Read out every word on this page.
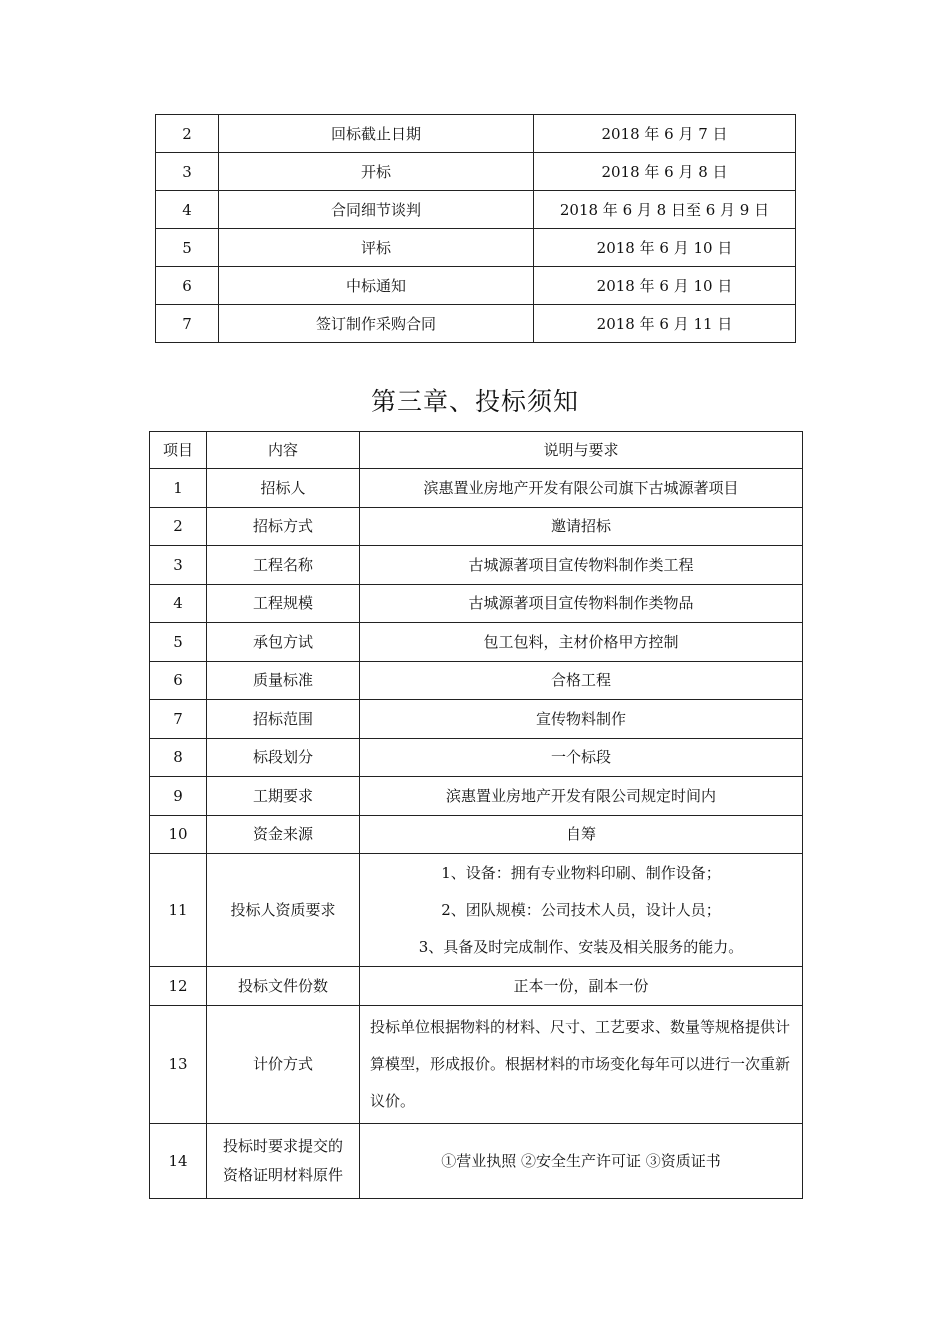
2	回标截止日期	2018 年 6 月 7 日
3	开标	2018 年 6 月 8 日
4	合同细节谈判	2018 年 6 月 8 日至 6 月 9 日
5	评标	2018 年 6 月 10 日
6	中标通知	2018 年 6 月 10 日
7	签订制作采购合同	2018 年 6 月 11 日
第三章、投标须知
项目	内容	说明与要求
1	招标人	滨惠置业房地产开发有限公司旗下古城源著项目
2	招标方式	邀请招标
3	工程名称	古城源著项目宣传物料制作类工程
4	工程规模	古城源著项目宣传物料制作类物品
5	承包方试	包工包料，主材价格甲方控制
6	质量标准	合格工程
7	招标范围	宣传物料制作
8	标段划分	一个标段
9	工期要求	滨惠置业房地产开发有限公司规定时间内
10	资金来源	自筹
11	投标人资质要求	1、设备：拥有专业物料印刷、制作设备；
2、团队规模：公司技术人员，设计人员；
3、具备及时完成制作、安装及相关服务的能力。

12	投标文件份数	正本一份，副本一份
13	计价方式	投标单位根据物料的材料、尺寸、工艺要求、数量等规格提供计算模型，形成报价。根据材料的市场变化每年可以进行一次重新议价。
14	投标时要求提交的
资格证明材料原件	①营业执照 ②安全生产许可证 ③资质证书
